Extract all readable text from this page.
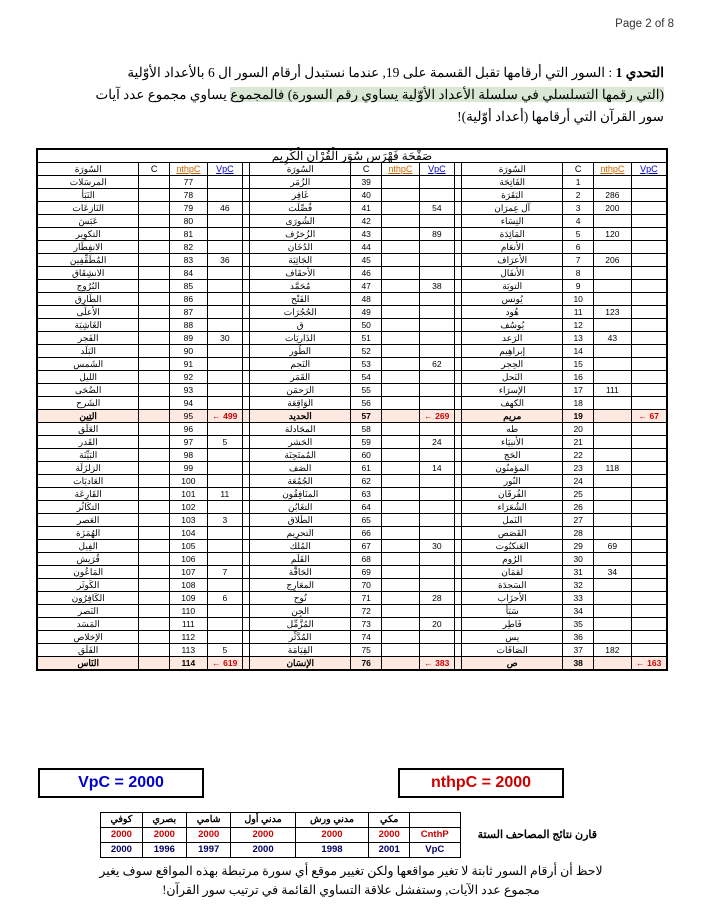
Page 2 of 8
التحدي 1 : السور التي أرقامها تقبل القسمة على 19, عندما نستبدل أرقام السور ال 6 بالأعداد الأوّلية
(التي رقمها التسلسلي في سلسلة الأعداد الأوّلية يساوي رقم السورة) فالمجموع يساوي مجموع عدد آيات
سور القرآن التي أرقامها (أعداد أوّلية)!
صَفْحَة فَهْرَس سُوَر الْقُرْآن الْكَرِيم													
VpC	nthpC	C	السُورَة		VpC	nthpC	C	السُورَة		VpC	nthpC	C	السُورَة
		1	الفَاتِحَة				39	الزُمَر			77		المرسَلات
	286	2	البَقَرَة				40	غَافِر			78		النَبَأ
	200	3	آل عِمرَان		54		41	فُصِّلَت		46	79		النَازعَات
		4	النِسَاء				42	الشُورَى			80		عَبَسَ
	120	5	المَائِدَة		89		43	الزُخرُف			81		التكوِير
		6	الأنعَام				44	الدُخَان			82		الانفِطَار
	206	7	الأعرَاف				45	الجَاثِيَة		36	83		المُطَفِّفِين
		8	الأنفَال				46	الأحقَاف			84		الانشِقَاق
		9	التوبَة		38		47	مُحَمَّد			85		البُرُوج
		10	يُونس				48	الفَتْح			86		الطَارِق
	123	11	هُود				49	الحُجُرَات			87		الأعلَى
		12	يُوسُف				50	ق			88		الغَاشِيَة
	43	13	الرَعد				51	الذَاريَات		30	89		الفَجر
		14	إبراهِيم				52	الطُور			90		البَلَد
		15	الحِجر		62		53	النَجم			91		الشَمس
		16	النَحل				54	القَمَر			92		الليل
	111	17	الإسرَاء				55	الرَحمَن			93		الضُحَى
		18	الكهف				56	الوَاقِعَة			94		الشَرح
67 ←		19	مريم		269 ←		57	الحديد		499 ←	95		التِين
		20	طه				58	المجَادلة			96		العَلَق
		21	الأنبيَاء		24		59	الحَشر		5	97		القَدر
		22	الحَج				60	المُمتَحِنَة			98		البَيِّنَة
	118	23	المؤمنُون		14		61	الصَف			99		الزلزَلَة
		24	النُور				62	الجُمُعَة			100		العَاديَات
		25	الفُرقَان				63	المنَافِقُون		11	101		القَارِعَة
		26	الشُعَرَاء				64	التغَابُن			102		التكَاثُر
		27	النَمل				65	الطَلاق		3	103		العَصر
		28	القَصَص				66	التحرِيم			104		الهُمَزَة
	69	29	العَنكبُوت		30		67	المُلك			105		الفِيل
		30	الرُوم				68	القَلَم			106		قُرَيش
	34	31	لقمَان				69	الحَاقَّة		7	107		المَاعُون
		32	السَجدَة				70	المعَارِج			108		الكَوثَر
		33	الأحزَاب		28		71	نُوح		6	109		الكَافِرُون
		34	سَبَأ				72	الجِن			110		النَصر
		35	فَاطِر		20		73	المُزَّمِّل			111		المَسَد
		36	يس				74	المُدَّثِّر			112		الإخلاص
	182	37	الصَافَات				75	القِيَامَة		5	113		الفَلَق
163 ←		38	ص		383 ←		76	الإنسَان		619 ←	114		النَاس
VpC = 2000	nthpC = 2000
قارن نتائج المصاحف الستة		مكي	مدني ورش	مدني أول	شامي	بصري	كوفي
	CnthP	2000	2000	2000	2000	2000	2000
	VpC	2001	1998	2000	1997	1996	2000
لاحظ أن أرقام السور ثابتة لا تغير مواقعها ولكن تغيير موقع أي سورة مرتبطة بهذه المواقع سوف يغير
مجموع عدد الآيات, وستفشل علاقة التساوي القائمة في ترتيب سور القرآن!
